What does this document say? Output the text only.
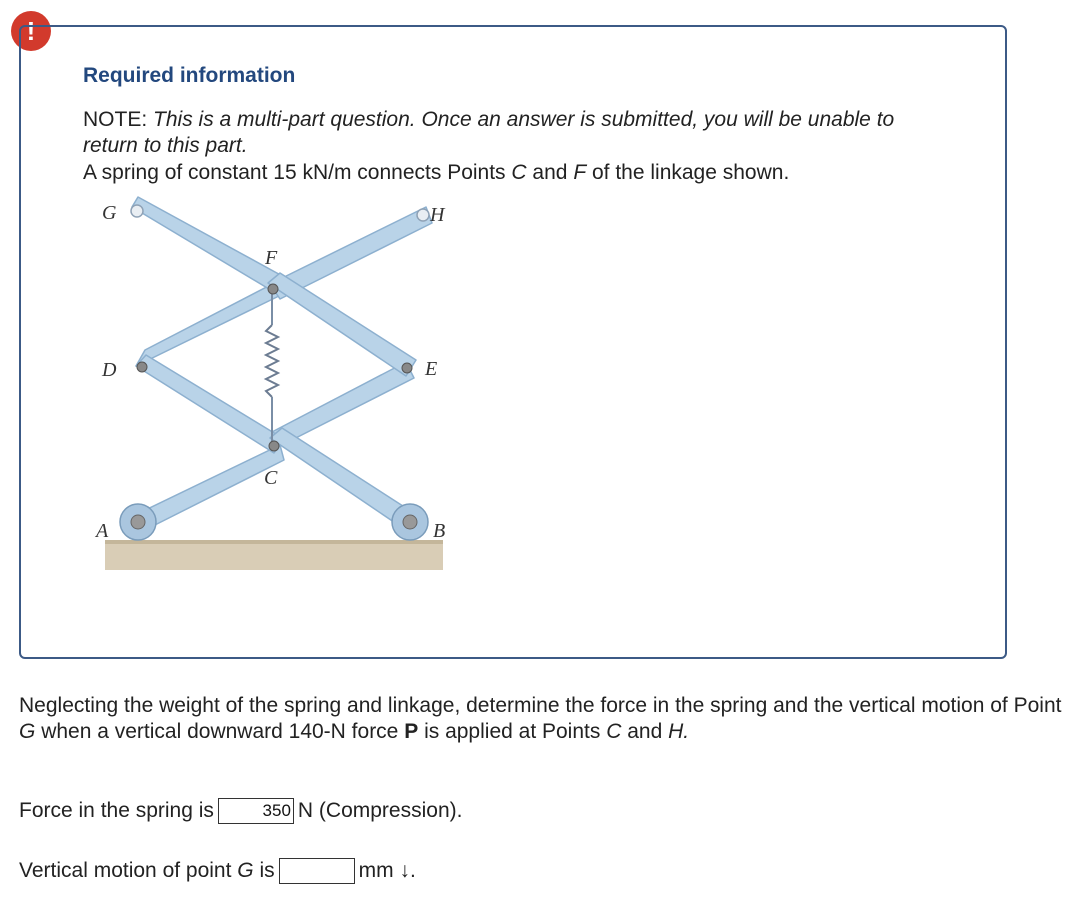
!
Required information

NOTE: This is a multi-part question. Once an answer is submitted, you will be unable to return to this part.

A spring of constant 15 kN/m connects Points C and F of the linkage shown.

G	H
F
D	E
C
A	B

Neglecting the weight of the spring and linkage, determine the force in the spring and the vertical motion of Point G when a vertical downward 140-N force P is applied at Points C and H.

Force in the spring is
350	N (Compression).
Vertical motion of point G is	mm ↓.
